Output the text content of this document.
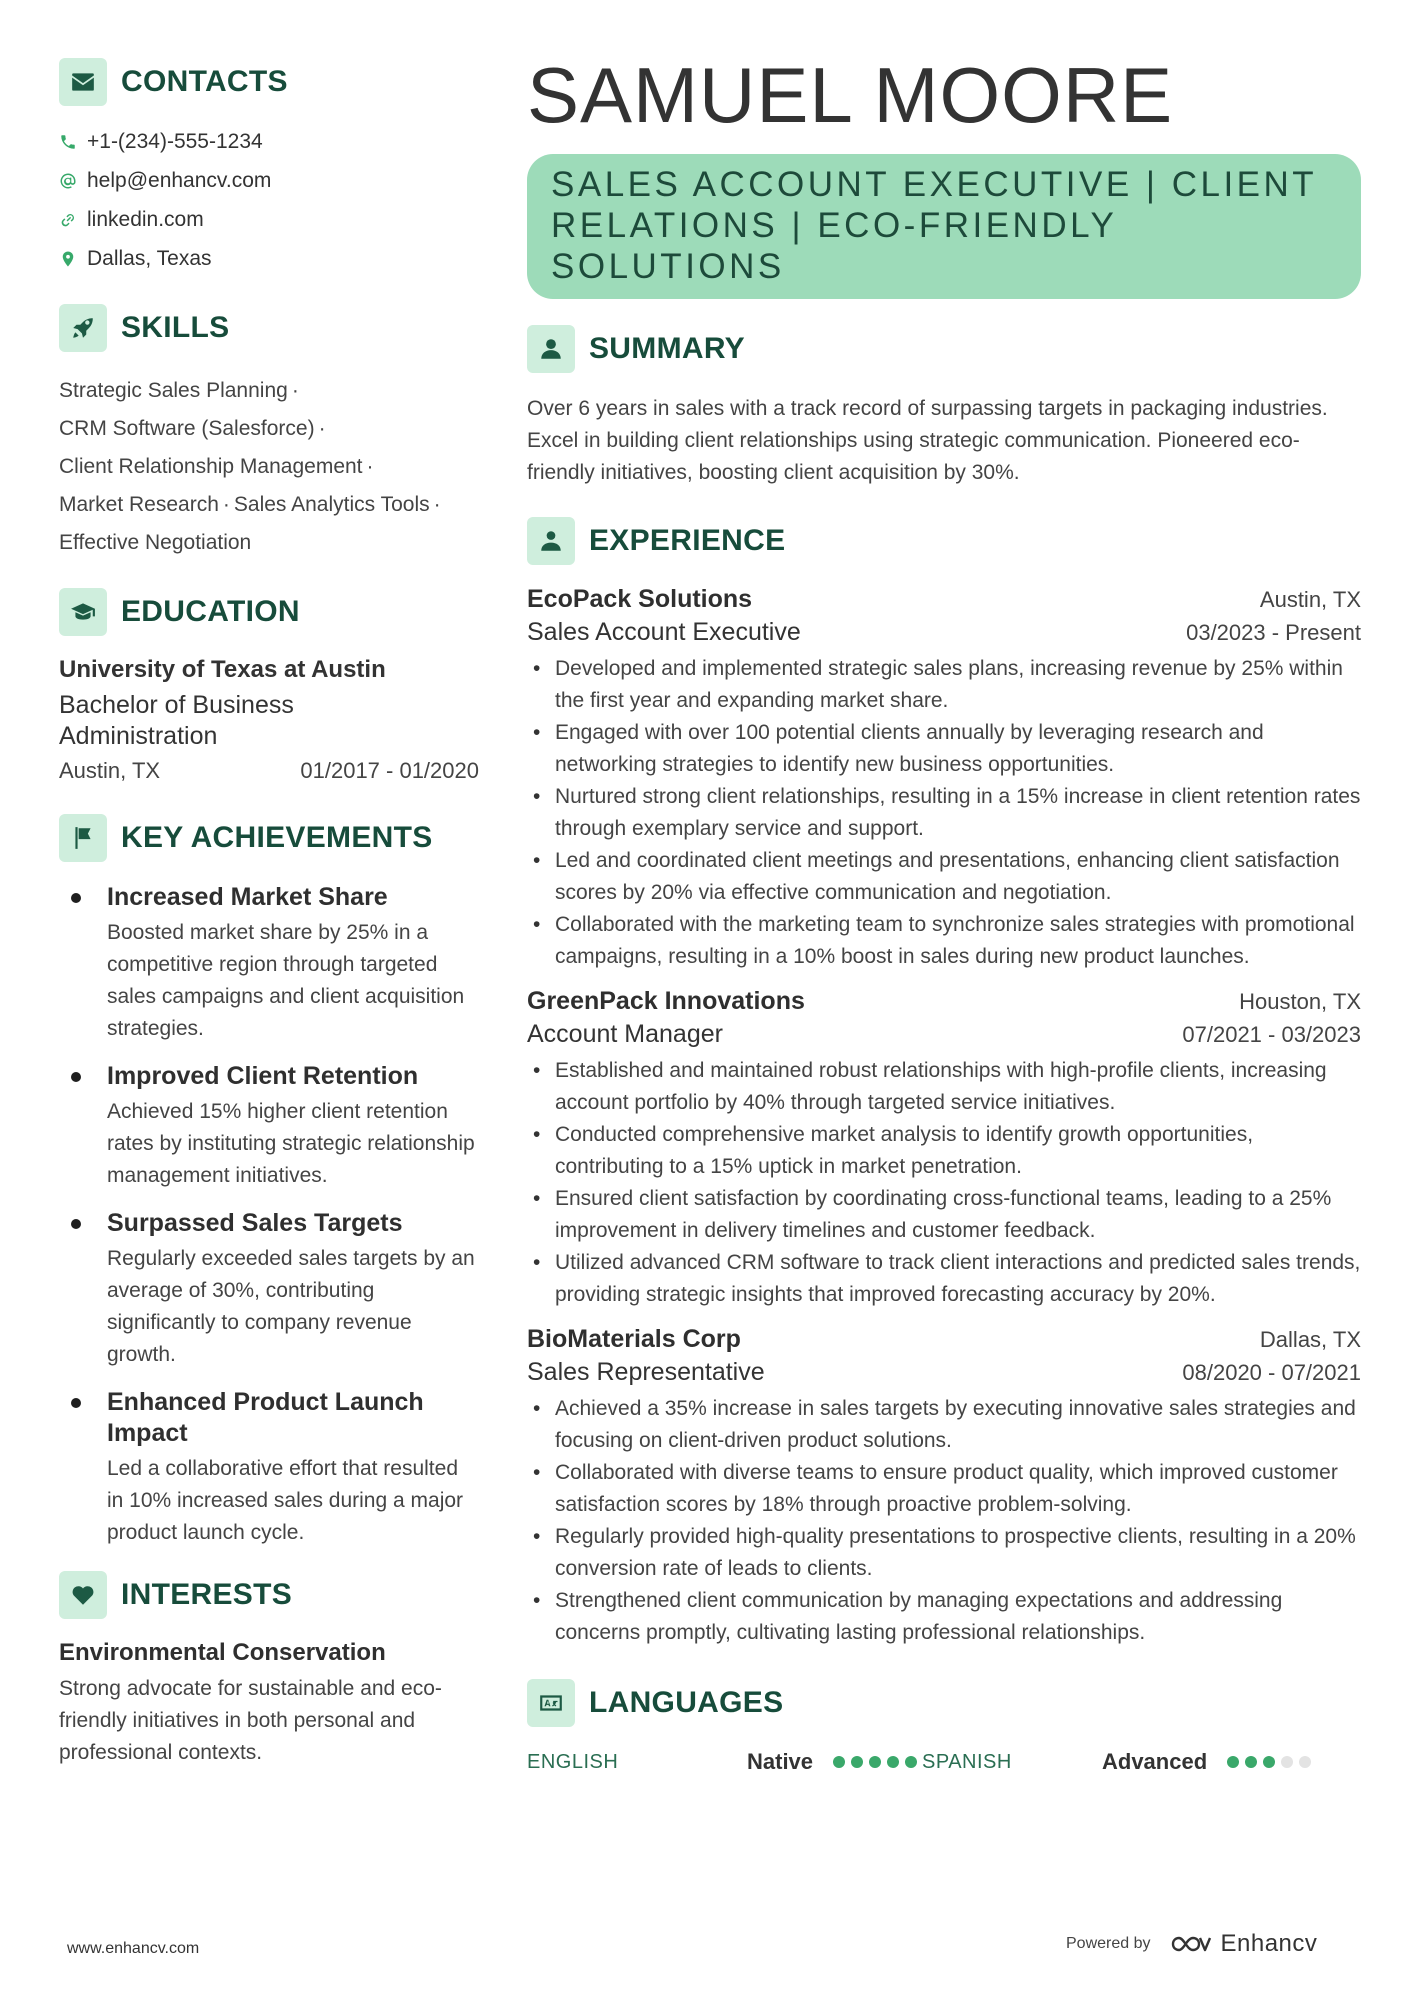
CONTACTS
+1-(234)-555-1234
help@enhancv.com
linkedin.com
Dallas, Texas
SKILLS
Strategic Sales Planning ·
CRM Software (Salesforce) ·
Client Relationship Management ·
Market Research · Sales Analytics Tools ·
Effective Negotiation
EDUCATION
University of Texas at Austin
Bachelor of Business Administration
Austin, TX	01/2017 - 01/2020
KEY ACHIEVEMENTS
Increased Market Share
Boosted market share by 25% in a competitive region through targeted sales campaigns and client acquisition strategies.
Improved Client Retention
Achieved 15% higher client retention rates by instituting strategic relationship management initiatives.
Surpassed Sales Targets
Regularly exceeded sales targets by an average of 30%, contributing significantly to company revenue growth.
Enhanced Product Launch Impact
Led a collaborative effort that resulted in 10% increased sales during a major product launch cycle.
INTERESTS
Environmental Conservation
Strong advocate for sustainable and eco-friendly initiatives in both personal and professional contexts.
SAMUEL MOORE
SALES ACCOUNT EXECUTIVE | CLIENT RELATIONS | ECO-FRIENDLY SOLUTIONS
SUMMARY
Over 6 years in sales with a track record of surpassing targets in packaging industries. Excel in building client relationships using strategic communication. Pioneered eco-friendly initiatives, boosting client acquisition by 30%.
EXPERIENCE
EcoPack Solutions	Austin, TX
Sales Account Executive	03/2023 - Present
• Developed and implemented strategic sales plans, increasing revenue by 25% within the first year and expanding market share.
• Engaged with over 100 potential clients annually by leveraging research and networking strategies to identify new business opportunities.
• Nurtured strong client relationships, resulting in a 15% increase in client retention rates through exemplary service and support.
• Led and coordinated client meetings and presentations, enhancing client satisfaction scores by 20% via effective communication and negotiation.
• Collaborated with the marketing team to synchronize sales strategies with promotional campaigns, resulting in a 10% boost in sales during new product launches.
GreenPack Innovations	Houston, TX
Account Manager	07/2021 - 03/2023
• Established and maintained robust relationships with high-profile clients, increasing account portfolio by 40% through targeted service initiatives.
• Conducted comprehensive market analysis to identify growth opportunities, contributing to a 15% uptick in market penetration.
• Ensured client satisfaction by coordinating cross-functional teams, leading to a 25% improvement in delivery timelines and customer feedback.
• Utilized advanced CRM software to track client interactions and predicted sales trends, providing strategic insights that improved forecasting accuracy by 20%.
BioMaterials Corp	Dallas, TX
Sales Representative	08/2020 - 07/2021
• Achieved a 35% increase in sales targets by executing innovative sales strategies and focusing on client-driven product solutions.
• Collaborated with diverse teams to ensure product quality, which improved customer satisfaction scores by 18% through proactive problem-solving.
• Regularly provided high-quality presentations to prospective clients, resulting in a 20% conversion rate of leads to clients.
• Strengthened client communication by managing expectations and addressing concerns promptly, cultivating lasting professional relationships.
LANGUAGES
ENGLISH	Native	SPANISH	Advanced
www.enhancv.com	Powered by	Enhancv
